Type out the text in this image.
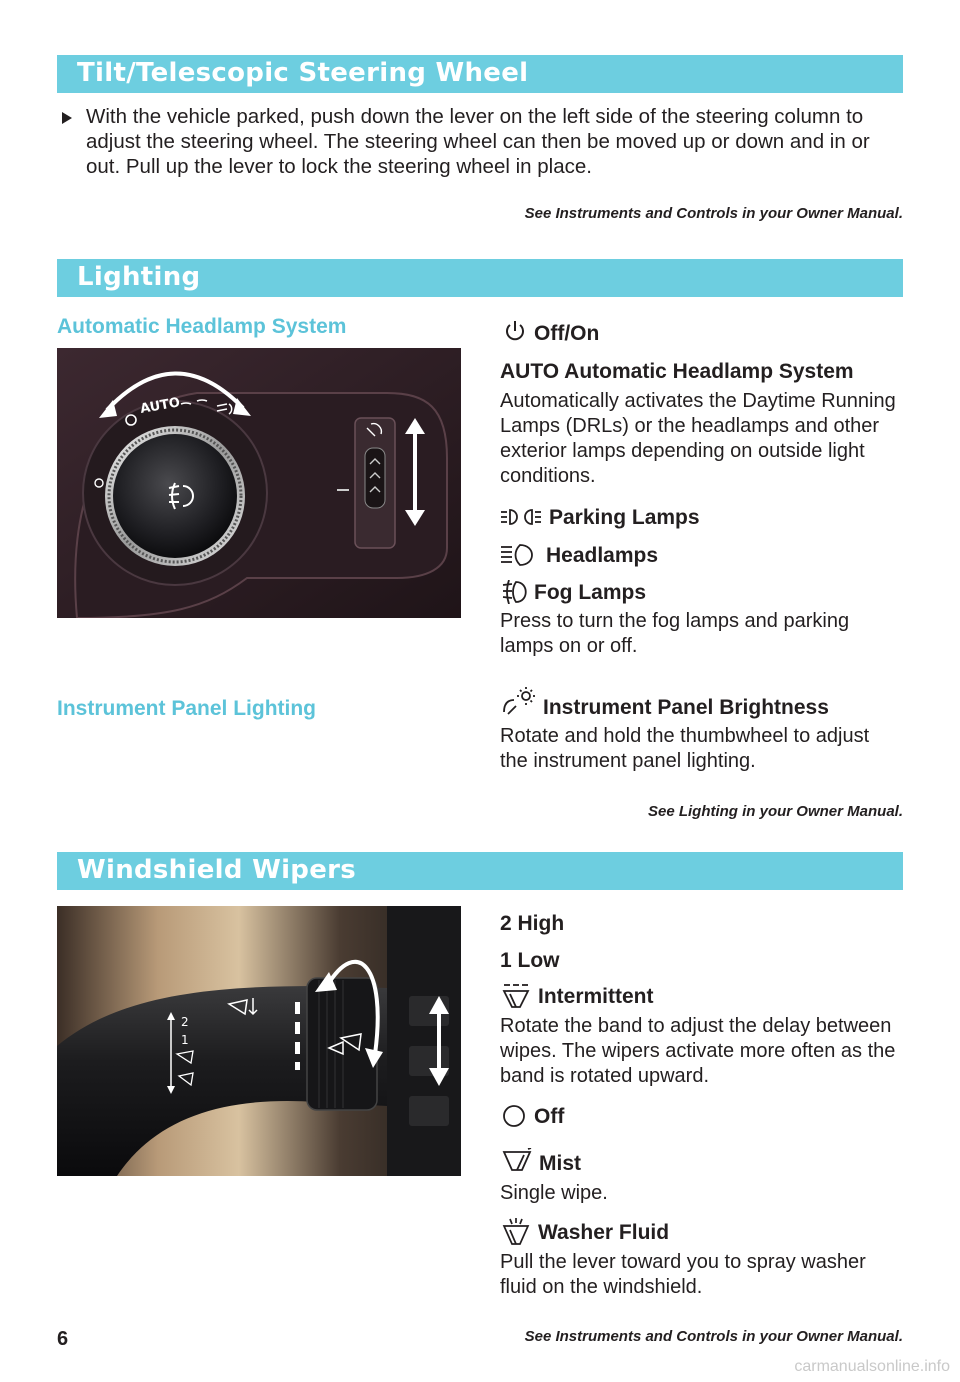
Tilt/Telescopic Steering Wheel
With the vehicle parked, push down the lever on the left side of the steering column to adjust the steering wheel. The steering wheel can then be moved up or down and in or out. Pull up the lever to lock the steering wheel in place.
See Instruments and Controls in your Owner Manual.
Lighting
Automatic Headlamp System
AUTO
Off/On
AUTO Automatic Headlamp System
Automatically activates the Daytime Running Lamps (DRLs) or the headlamps and other exterior lamps depending on outside light conditions.
Parking Lamps
Headlamps
Fog Lamps
Press to turn the fog lamps and parking lamps on or off.
Instrument Panel Lighting	Instrument Panel Brightness
Rotate and hold the thumbwheel to adjust the instrument panel lighting.
See Lighting in your Owner Manual.
Windshield Wipers
2
1
2 High
1 Low
Intermittent
Rotate the band to adjust the delay between wipes. The wipers activate more often as the band is rotated upward.
Off
Mist
Single wipe.
Washer Fluid
Pull the lever toward you to spray washer fluid on the windshield.
6	See Instruments and Controls in your Owner Manual.
carmanualsonline.info
